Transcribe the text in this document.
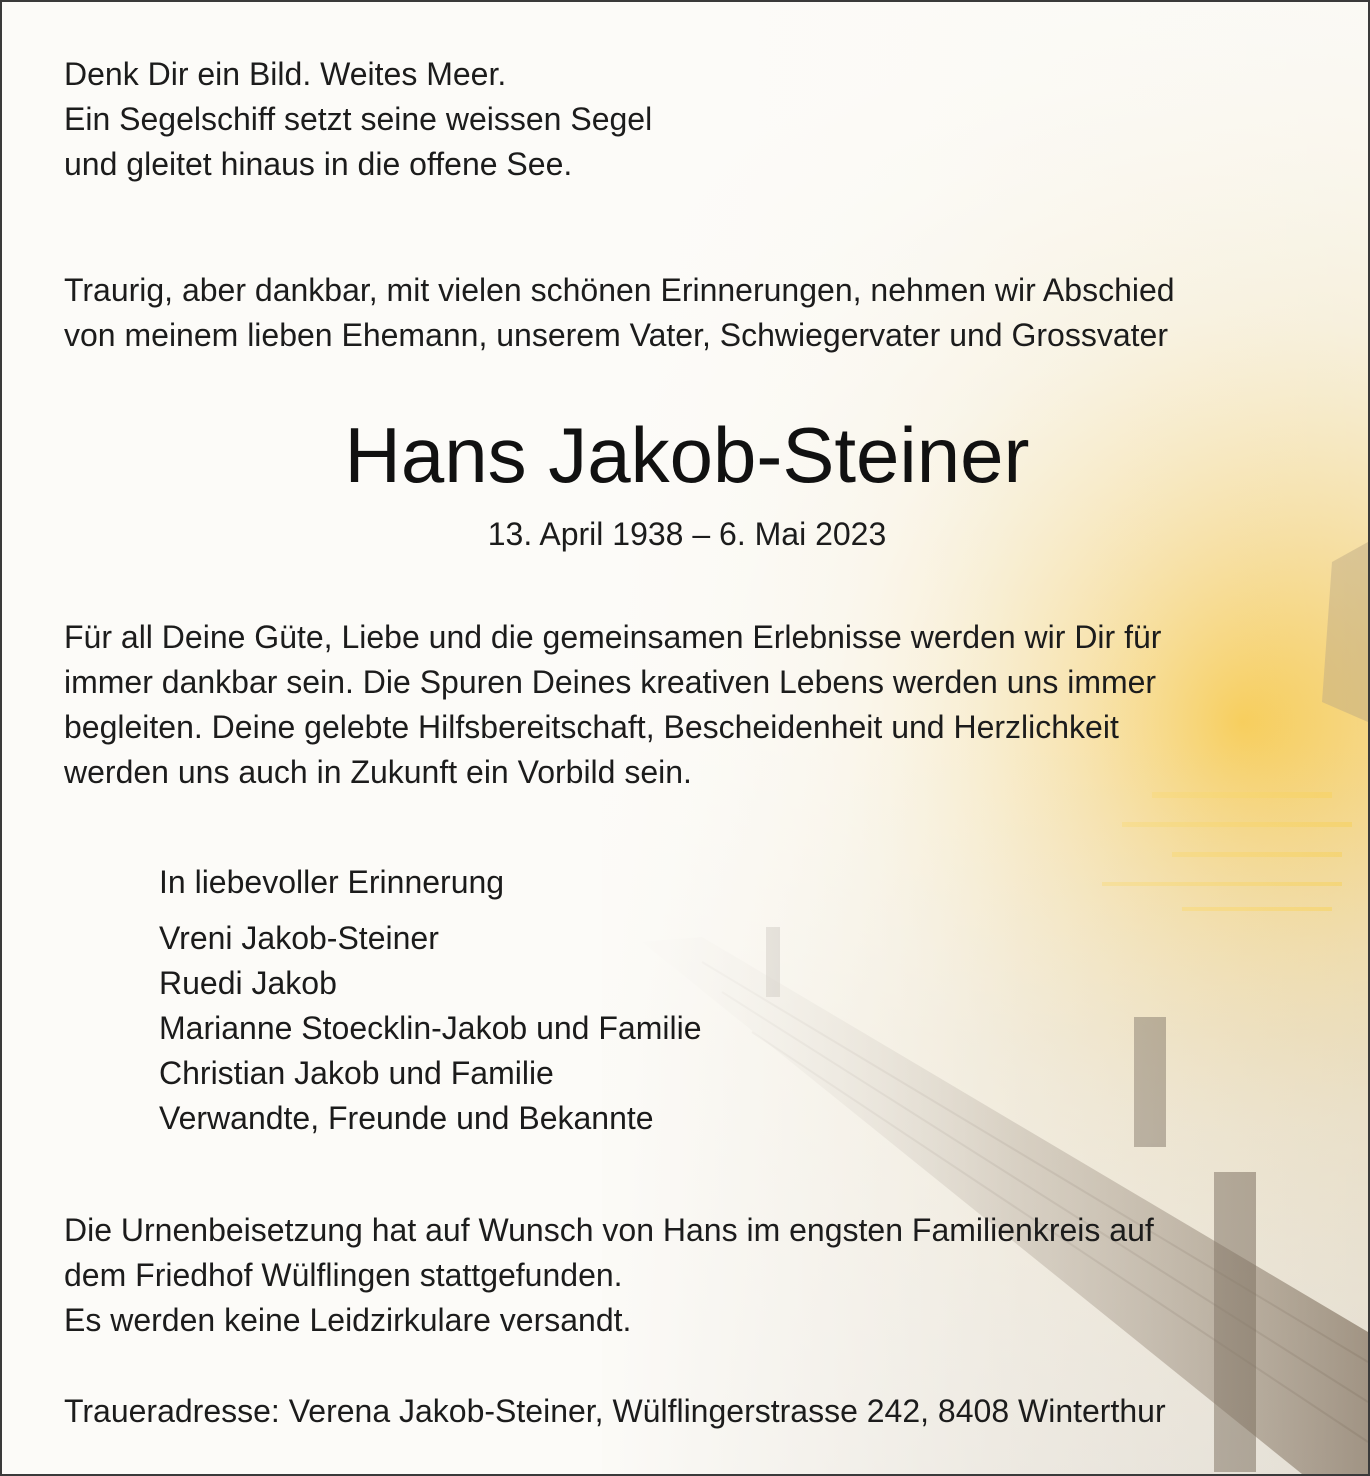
Denk Dir ein Bild. Weites Meer.
Ein Segelschiff setzt seine weissen Segel
und gleitet hinaus in die offene See.

Traurig, aber dankbar, mit vielen schönen Erinnerungen, nehmen wir Abschied
von meinem lieben Ehemann, unserem Vater, Schwiegervater und Grossvater

Hans Jakob-Steiner
13. April 1938 – 6. Mai 2023

Für all Deine Güte, Liebe und die gemeinsamen Erlebnisse werden wir Dir für
immer dankbar sein. Die Spuren Deines kreativen Lebens werden uns immer
begleiten. Deine gelebte Hilfsbereitschaft, Bescheidenheit und Herzlichkeit
werden uns auch in Zukunft ein Vorbild sein.

In liebevoller Erinnerung
Vreni Jakob-Steiner
Ruedi Jakob
Marianne Stoecklin-Jakob und Familie
Christian Jakob und Familie
Verwandte, Freunde und Bekannte

Die Urnenbeisetzung hat auf Wunsch von Hans im engsten Familienkreis auf
dem Friedhof Wülflingen stattgefunden.
Es werden keine Leidzirkulare versandt.

Traueradresse: Verena Jakob-Steiner, Wülflingerstrasse 242, 8408 Winterthur
